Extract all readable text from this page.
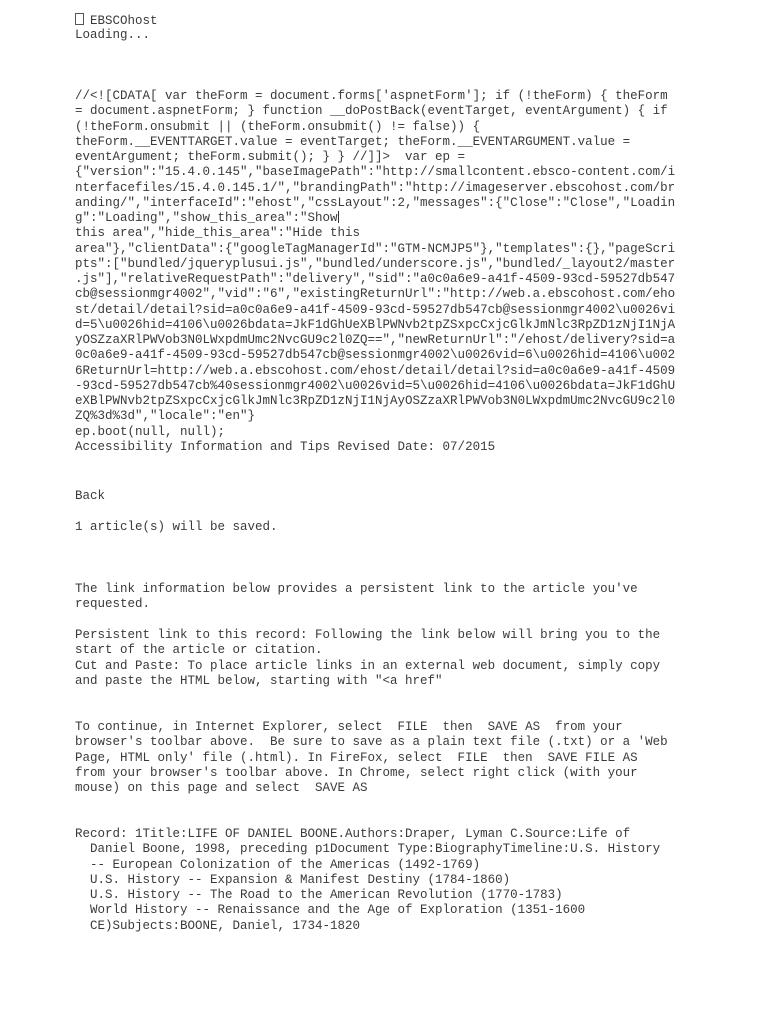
EBSCOhost
Loading...
//<![CDATA[ var theForm = document.forms['aspnetForm']; if (!theForm) { theForm
= document.aspnetForm; } function __doPostBack(eventTarget, eventArgument) { if
(!theForm.onsubmit || (theForm.onsubmit() != false)) {
theForm.__EVENTTARGET.value = eventTarget; theForm.__EVENTARGUMENT.value =
eventArgument; theForm.submit(); } } //]]>  var ep =
{"version":"15.4.0.145","baseImagePath":"http://smallcontent.ebsco-content.com/i
nterfacefiles/15.4.0.145.1/","brandingPath":"http://imageserver.ebscohost.com/br
anding/","interfaceId":"ehost","cssLayout":2,"messages":{"Close":"Close","Loadin
g":"Loading","show_this_area":"Show
this area","hide_this_area":"Hide this
area"},"clientData":{"googleTagManagerId":"GTM-NCMJP5"},"templates":{},"pageScri
pts":["bundled/jqueryplusui.js","bundled/underscore.js","bundled/_layout2/master
.js"],"relativeRequestPath":"delivery","sid":"a0c0a6e9-a41f-4509-93cd-59527db547
cb@sessionmgr4002","vid":"6","existingReturnUrl":"http://web.a.ebscohost.com/eho
st/detail/detail?sid=a0c0a6e9-a41f-4509-93cd-59527db547cb@sessionmgr4002\u0026vi
d=5\u0026hid=4106\u0026bdata=JkF1dGhUeXBlPWNvb2tpZSxpcCxjcGlkJmNlc3RpZD1zNjI1NjA
yOSZzaXRlPWVob3N0LWxpdmUmc2NvcGU9c2l0ZQ==","newReturnUrl":"/ehost/delivery?sid=a
0c0a6e9-a41f-4509-93cd-59527db547cb@sessionmgr4002\u0026vid=6\u0026hid=4106\u002
6ReturnUrl=http://web.a.ebscohost.com/ehost/detail/detail?sid=a0c0a6e9-a41f-4509
-93cd-59527db547cb%40sessionmgr4002\u0026vid=5\u0026hid=4106\u0026bdata=JkF1dGhU
eXBlPWNvb2tpZSxpcCxjcGlkJmNlc3RpZD1zNjI1NjAyOSZzaXRlPWVob3N0LWxpdmUmc2NvcGU9c2l0
ZQ%3d%3d","locale":"en"}
ep.boot(null, null);
Accessibility Information and Tips Revised Date: 07/2015
Back
1 article(s) will be saved.
The link information below provides a persistent link to the article you've
requested.
Persistent link to this record: Following the link below will bring you to the
start of the article or citation.
Cut and Paste: To place article links in an external web document, simply copy
and paste the HTML below, starting with "<a href"
To continue, in Internet Explorer, select  FILE  then  SAVE AS  from your
browser's toolbar above.  Be sure to save as a plain text file (.txt) or a 'Web
Page, HTML only' file (.html). In FireFox, select  FILE  then  SAVE FILE AS
from your browser's toolbar above. In Chrome, select right click (with your
mouse) on this page and select  SAVE AS
Record: 1Title:LIFE OF DANIEL BOONE.Authors:Draper, Lyman C.Source:Life of
Daniel Boone, 1998, preceding p1Document Type:BiographyTimeline:U.S. History
-- European Colonization of the Americas (1492-1769)
U.S. History -- Expansion & Manifest Destiny (1784-1860)
U.S. History -- The Road to the American Revolution (1770-1783)
World History -- Renaissance and the Age of Exploration (1351-1600
CE)Subjects:BOONE, Daniel, 1734-1820
